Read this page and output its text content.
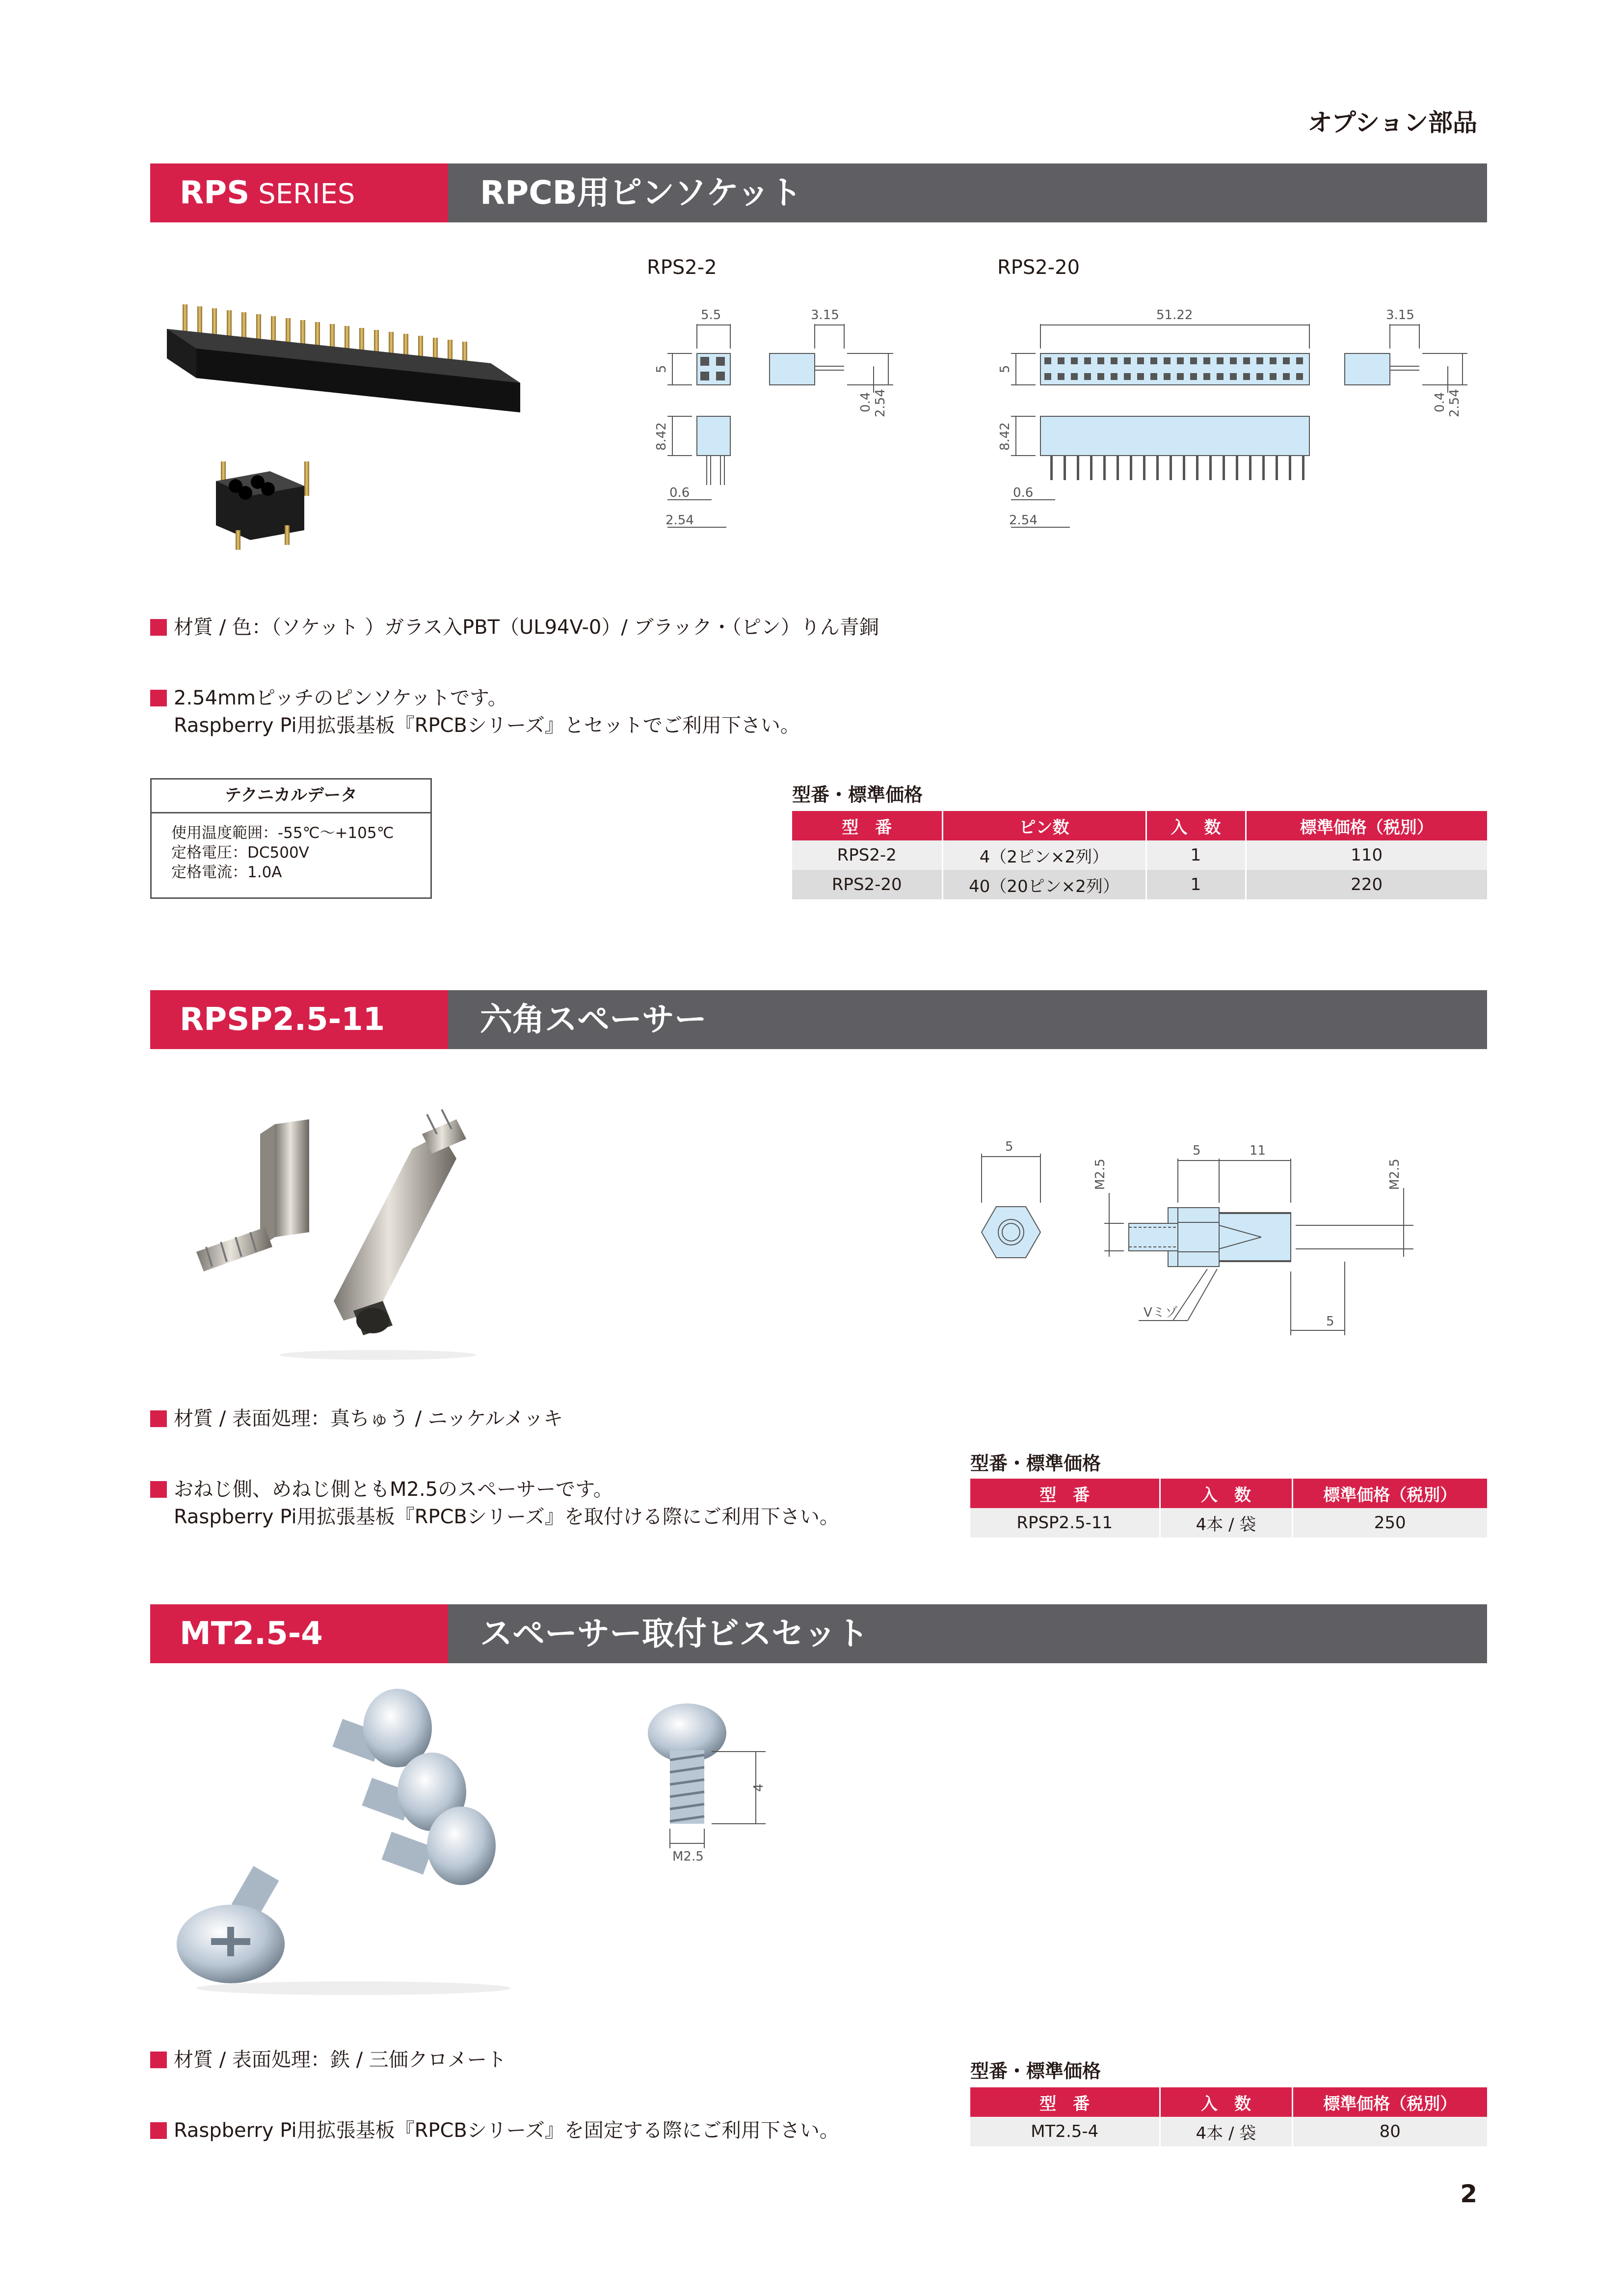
オプション部品
RPS SERIES	RPCB用ピンソケット
RPS2-2
5.5	3.15
5
0.4 2.54
8.42
0.6
2.54
RPS2-20
51.22	3.15
5
0.4 2.54
8.42
0.6
2.54
材質 / 色：（ソケット ）ガラス入PBT（UL94V-0）/ ブラック・（ピン）りん青銅
2.54mmピッチのピンソケットです。
Raspberry Pi用拡張基板『RPCBシリーズ』とセットでご利用下さい。
テクニカルデータ
使用温度範囲：-55℃〜+105℃
定格電圧：DC500V
定格電流：1.0A
型番・標準価格
型　番	ピン数	入　数	標準価格（税別）
RPS2-2	4（2ピン×2列）	1	110
RPS2-20	40（20ピン×2列）	1	220
RPSP2.5-11	六角スペーサー
5	5	11
M2.5	M2.5
Vミゾ
5
材質 / 表面処理：真ちゅう / ニッケルメッキ
おねじ側、めねじ側ともM2.5のスペーサーです。
Raspberry Pi用拡張基板『RPCBシリーズ』を取付ける際にご利用下さい。
型番・標準価格
型　番	入　数	標準価格（税別）
RPSP2.5-11	4本 / 袋	250
MT2.5-4	スペーサー取付ビスセット
4
M2.5
材質 / 表面処理：鉄 / 三価クロメート
Raspberry Pi用拡張基板『RPCBシリーズ』を固定する際にご利用下さい。
型番・標準価格
型　番	入　数	標準価格（税別）
MT2.5-4	4本 / 袋	80
2
